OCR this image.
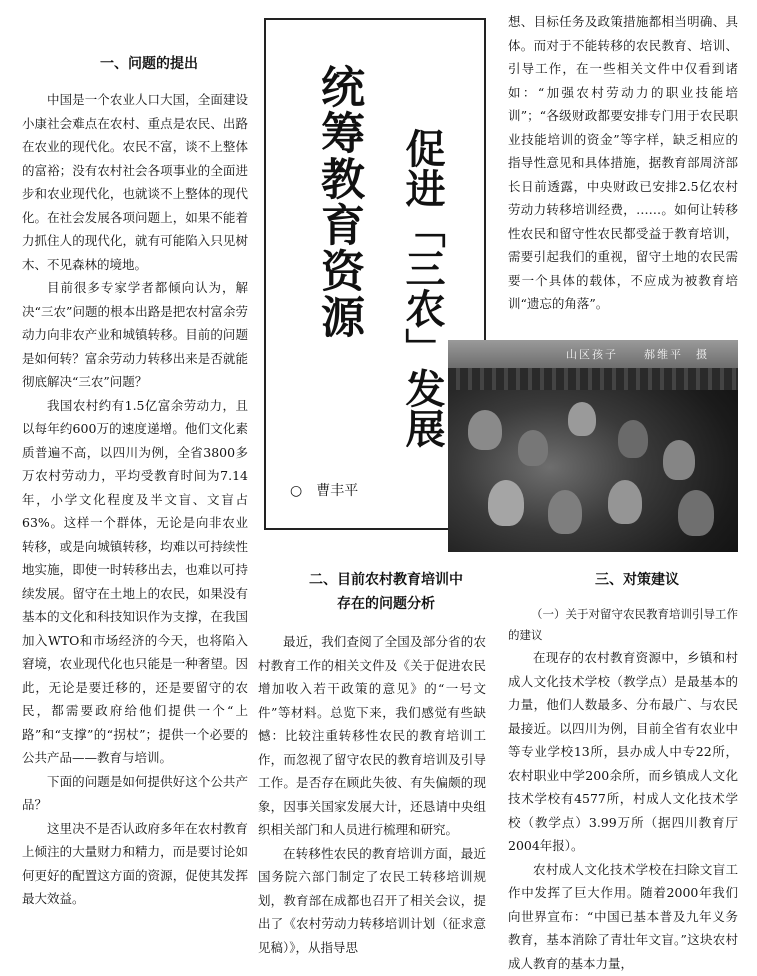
一、问题的提出

中国是一个农业人口大国，全面建设小康社会难点在农村、重点是农民、出路在农业的现代化。农民不富，谈不上整体的富裕；没有农村社会各项事业的全面进步和农业现代化，也就谈不上整体的现代化。在社会发展各项问题上，如果不能着力抓住人的现代化，就有可能陷入只见树木、不见森林的境地。

目前很多专家学者都倾向认为，解决“三农”问题的根本出路是把农村富余劳动力向非农产业和城镇转移。目前的问题是如何转？富余劳动力转移出来是否就能彻底解决“三农”问题？

我国农村约有1.5亿富余劳动力，且以每年约600万的速度递增。他们文化素质普遍不高，以四川为例，全省3800多万农村劳动力，平均受教育时间为7.14年，小学文化程度及半文盲、文盲占63%。这样一个群体，无论是向非农业转移，或是向城镇转移，均难以可持续性地实施，即使一时转移出去，也难以可持续发展。留守在土地上的农民，如果没有基本的文化和科技知识作为支撑，在我国加入WTO和市场经济的今天，也将陷入窘境，农业现代化也只能是一种奢望。因此，无论是要迁移的，还是要留守的农民，都需要政府给他们提供一个“上路”和“支撑”的“拐杖”；提供一个必要的公共产品——教育与培训。

下面的问题是如何提供好这个公共产品？

这里决不是否认政府多年在农村教育上倾注的大量财力和精力，而是要讨论如何更好的配置这方面的资源，促使其发挥最大效益。

统筹教育资源 促进「三农」发展
○　曹丰平
山区孩子　　郝维平　摄

二、目前农村教育培训中

存在的问题分析

最近，我们查阅了全国及部分省的农村教育工作的相关文件及《关于促进农民增加收入若干政策的意见》的“一号文件”等材料。总览下来，我们感觉有些缺憾：比较注重转移性农民的教育培训工作，而忽视了留守农民的教育培训及引导工作。是否存在顾此失彼、有失偏颇的现象，因事关国家发展大计，还恳请中央组织相关部门和人员进行梳理和研究。

在转移性农民的教育培训方面，最近国务院六部门制定了农民工转移培训规划，教育部在成都也召开了相关会议，提出了《农村劳动力转移培训计划（征求意见稿）》，从指导思

想、目标任务及政策措施都相当明确、具体。而对于不能转移的农民教育、培训、引导工作，在一些相关文件中仅看到诸如：“加强农村劳动力的职业技能培训”；“各级财政都要安排专门用于农民职业技能培训的资金”等字样，缺乏相应的指导性意见和具体措施，据教育部周济部长日前透露，中央财政已安排2.5亿农村劳动力转移培训经费，……。如何让转移性农民和留守性农民都受益于教育培训，需要引起我们的重视，留守土地的农民需要一个具体的载体，不应成为被教育培训“遗忘的角落”。

三、对策建议

（一）关于对留守农民教育培训引导工作的建议

在现存的农村教育资源中，乡镇和村成人文化技术学校（教学点）是最基本的力量，他们人数最多、分布最广、与农民最接近。以四川为例，目前全省有农业中等专业学校13所，县办成人中专22所，农村职业中学200余所，而乡镇成人文化技术学校有4577所，村成人文化技术学校（教学点）3.99万所（据四川教育厅2004年报）。

农村成人文化技术学校在扫除文盲工作中发挥了巨大作用。随着2000年我们向世界宣布：“中国已基本普及九年义务教育，基本消除了青壮年文盲。”这块农村成人教育的基本力量，
